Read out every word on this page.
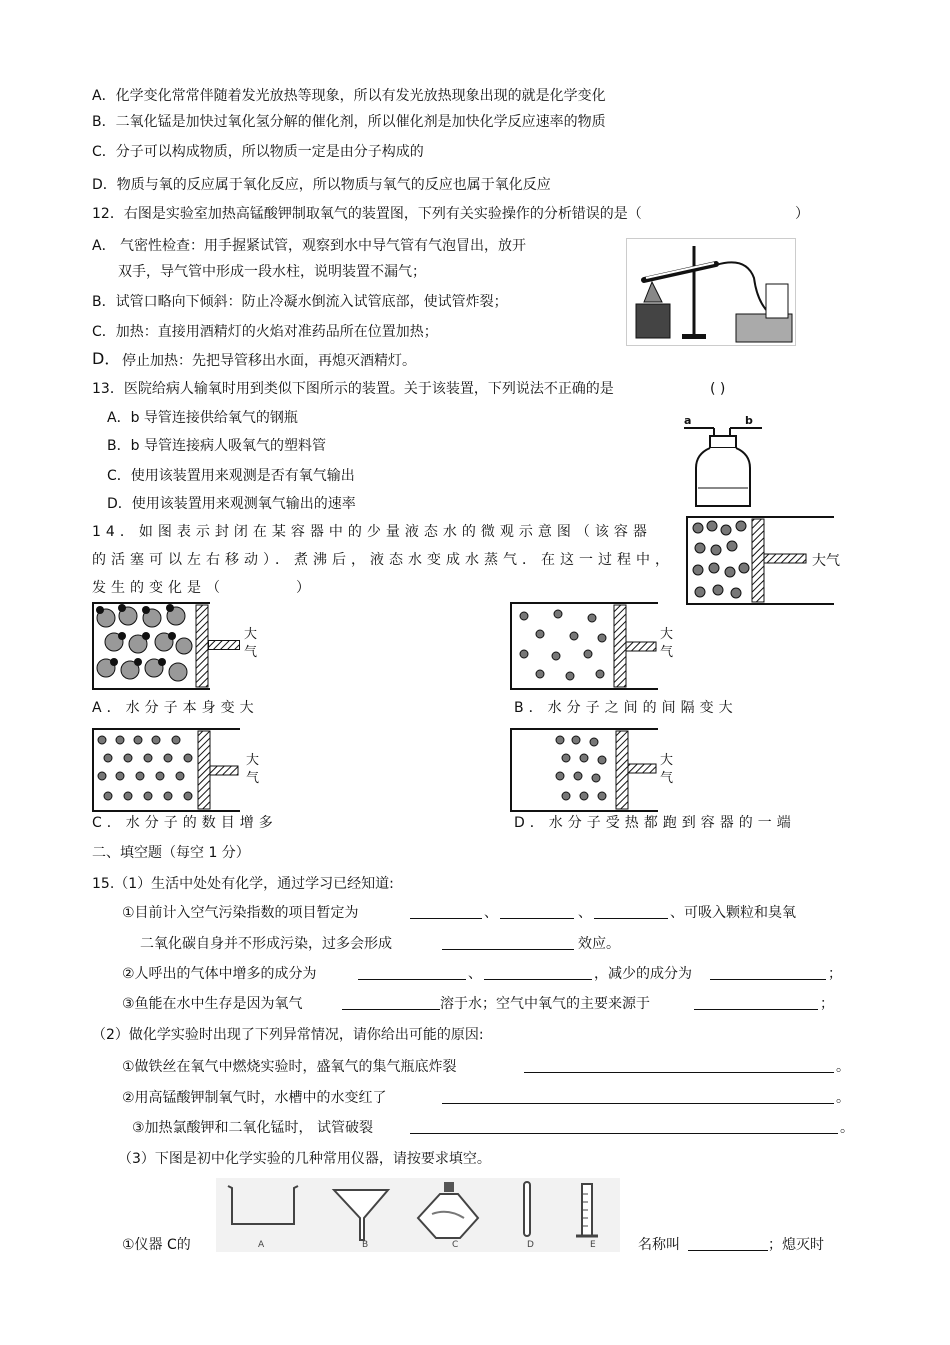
A．化学变化常常伴随着发光放热等现象，所以有发光放热现象出现的就是化学变化
B．二氧化锰是加快过氧化氢分解的催化剂，所以催化剂是加快化学反应速率的物质
C．分子可以构成物质，所以物质一定是由分子构成的
D．物质与氧的反应属于氧化反应，所以物质与氧气的反应也属于氧化反应
12．右图是实验室加热高锰酸钾制取氧气的装置图，下列有关实验操作的分析错误的是（	）
A． 气密性检查：用手握紧试管，观察到水中导气管有气泡冒出，放开
双手，导气管中形成一段水柱，说明装置不漏气；
B．试管口略向下倾斜：防止冷凝水倒流入试管底部，使试管炸裂；
C．加热：直接用酒精灯的火焰对准药品所在位置加热；
D． 停止加热：先把导管移出水面，再熄灭酒精灯。
13．医院给病人输氧时用到类似下图所示的装置。关于该装置，下列说法不正确的是	( )
A．b 导管连接供给氧气的钢瓶
B．b 导管连接病人吸氧气的塑料管
C．使用该装置用来观测是否有氧气输出
D．使用该装置用来观测氧气输出的速率
a	b
14．如图表示封闭在某容器中的少量液态水的微观示意图（该容器
的活塞可以左右移动）．煮沸后，液态水变成水蒸气．在这一过程中，
发生的变化是（	）
大气
大
气
A．水分子本身变大
大
气
B．水分子之间的间隔变大
大
气
C．水分子的数目增多
大
气
D．水分子受热都跑到容器的一端
二、填空题（每空 1 分）
15.（1）生活中处处有化学，通过学习已经知道:
①目前计入空气污染指数的项目暂定为	、	、	、可吸入颗粒和臭氧
二氧化碳自身并不形成污染，过多会形成	效应。
②人呼出的气体中增多的成分为	、	，减少的成分为	；
③鱼能在水中生存是因为氧气	溶于水；空气中氧气的主要来源于	；
（2）做化学实验时出现了下列异常情况，请你给出可能的原因:
①做铁丝在氧气中燃烧实验时，盛氧气的集气瓶底炸裂	。
②用高锰酸钾制氧气时，水槽中的水变红了	。
③加热氯酸钾和二氧化锰时， 试管破裂	。
（3）下图是初中化学实验的几种常用仪器，请按要求填空。
A	B	C	D	E
①仪器 C的	名称叫	；熄灭时
